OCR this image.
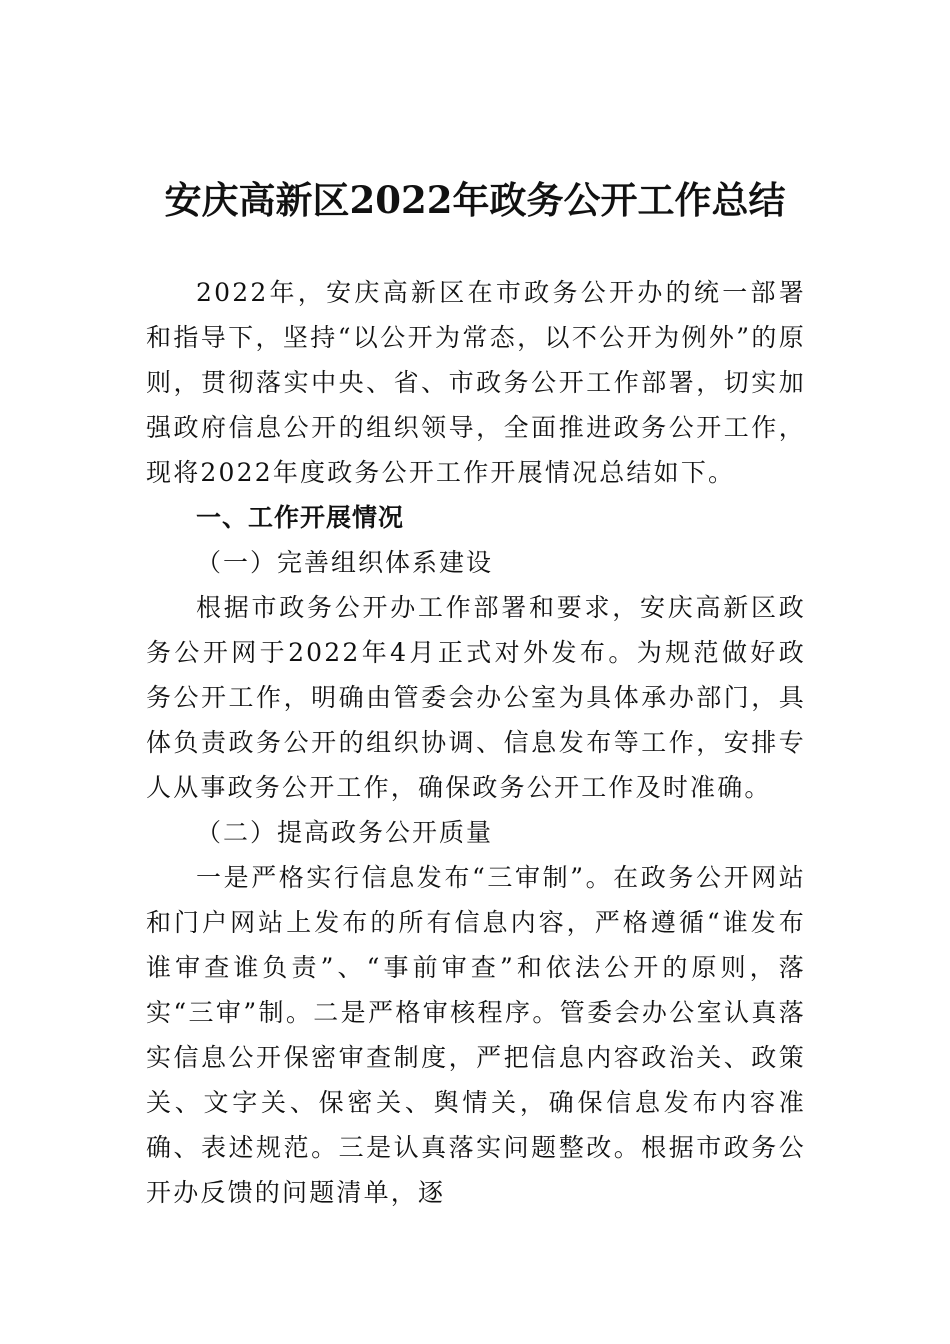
安庆高新区2022年政务公开工作总结

2022年，安庆高新区在市政务公开办的统一部署和指导下，坚持“以公开为常态，以不公开为例外”的原则，贯彻落实中央、省、市政务公开工作部署，切实加强政府信息公开的组织领导，全面推进政务公开工作，现将2022年度政务公开工作开展情况总结如下。

一、工作开展情况

（一）完善组织体系建设

根据市政务公开办工作部署和要求，安庆高新区政务公开网于2022年4月正式对外发布。为规范做好政务公开工作，明确由管委会办公室为具体承办部门，具体负责政务公开的组织协调、信息发布等工作，安排专人从事政务公开工作，确保政务公开工作及时准确。

（二）提高政务公开质量

一是严格实行信息发布“三审制”。在政务公开网站和门户网站上发布的所有信息内容，严格遵循“谁发布谁审查谁负责”、“事前审查”和依法公开的原则，落实“三审”制。二是严格审核程序。管委会办公室认真落实信息公开保密审查制度，严把信息内容政治关、政策关、文字关、保密关、舆情关，确保信息发布内容准确、表述规范。三是认真落实问题整改。根据市政务公开办反馈的问题清单，逐
